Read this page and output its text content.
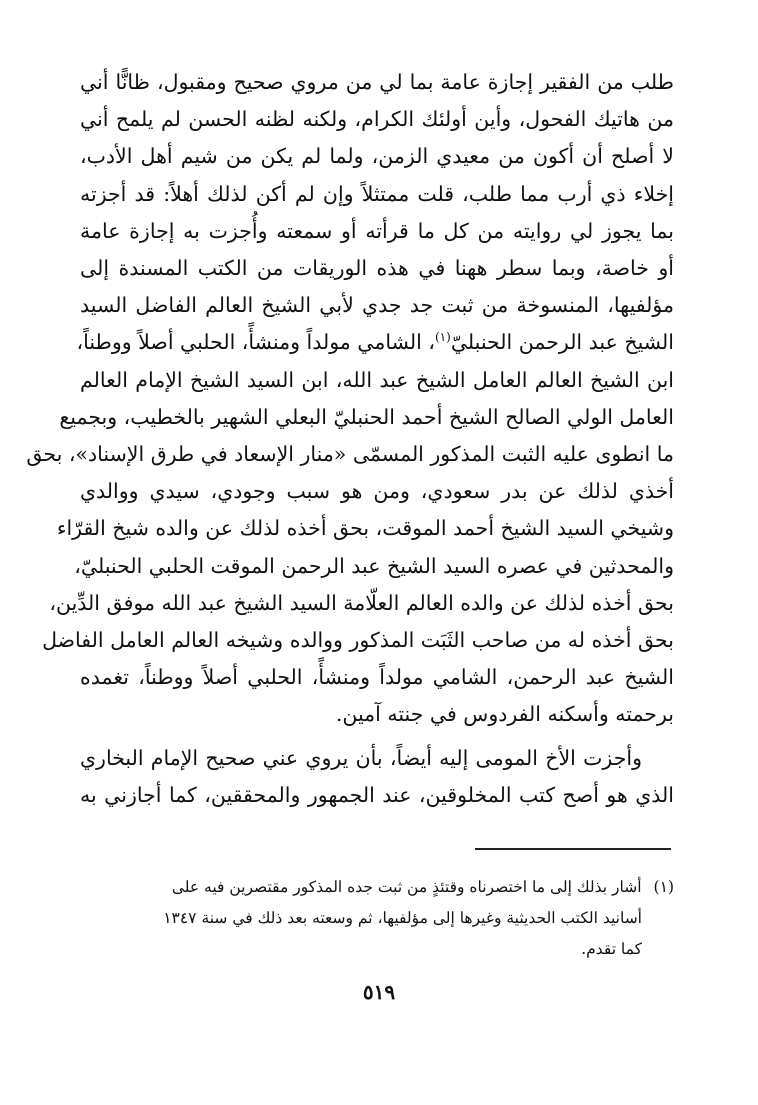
طلب من الفقير إجازة عامة بما لي من مروي صحيح ومقبول، ظانًّا أني
من هاتيك الفحول، وأين أولئك الكرام، ولكنه لظنه الحسن لم يلمح أني
لا أصلح أن أكون من معيدي الزمن، ولما لم يكن من شيم أهل الأدب،
إخلاء ذي أرب مما طلب، قلت ممتثلاً وإن لم أكن لذلك أهلاً: قد أجزته
بما يجوز لي روايته من كل ما قرأته أو سمعته وأُجزت به إجازة عامة
أو خاصة، وبما سطر ههنا في هذه الوريقات من الكتب المسندة إلى
مؤلفيها، المنسوخة من ثبت جد جدي لأبي الشيخ العالم الفاضل السيد
الشيخ عبد الرحمن الحنبليّ$^{(١)}$، الشامي مولداً ومنشأً، الحلبي أصلاً ووطناً،
ابن الشيخ العالم العامل الشيخ عبد الله، ابن السيد الشيخ الإمام العالم
العامل الولي الصالح الشيخ أحمد الحنبليّ البعلي الشهير بالخطيب، وبجميع
ما انطوى عليه الثبت المذكور المسمّى «منار الإسعاد في طرق الإسناد»، بحق
أخذي لذلك عن بدر سعودي، ومن هو سبب وجودي، سيدي ووالدي
وشيخي السيد الشيخ أحمد الموقت، بحق أخذه لذلك عن والده شيخ القرّاء
والمحدثين في عصره السيد الشيخ عبد الرحمن الموقت الحلبي الحنبليّ،
بحق أخذه لذلك عن والده العالم العلّامة السيد الشيخ عبد الله موفق الدِّين،
بحق أخذه له من صاحب الثَبَت المذكور ووالده وشيخه العالم العامل الفاضل
الشيخ عبد الرحمن، الشامي مولداً ومنشأً، الحلبي أصلاً ووطناً، تغمده
برحمته وأسكنه الفردوس في جنته آمين.

وأجزت الأخ المومى إليه أيضاً، بأن يروي عني صحيح الإمام البخاري
الذي هو أصح كتب المخلوقين، عند الجمهور والمحققين، كما أجازني به

(١)أشار بذلك إلى ما اختصرناه وقتئذٍ من ثبت جده المذكور مقتصرين فيه على
أسانيد الكتب الحديثية وغيرها إلى مؤلفيها، ثم وسعته بعد ذلك في سنة ١٣٤٧
كما تقدم.
٥١٩
